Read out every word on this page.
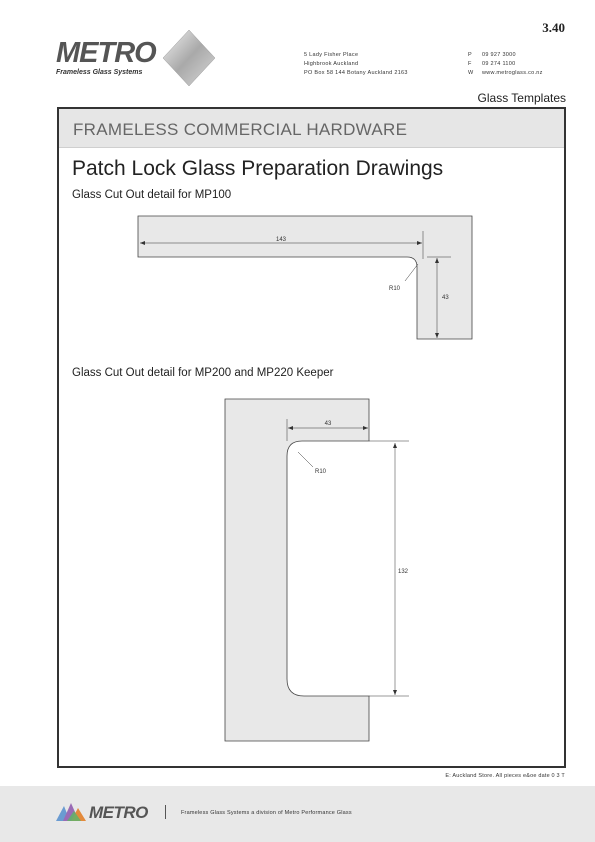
3.40
METRO
Frameless Glass Systems
5 Lady Fisher Place
Highbrook Auckland
PO Box 58 144 Botany Auckland 2163
P 09 927 3000
F 09 274 1100
W www.metroglass.co.nz
Glass Templates
FRAMELESS COMMERCIAL HARDWARE
Patch Lock Glass Preparation Drawings
Glass Cut Out detail for MP100
Glass Cut Out detail for MP200 and MP220 Keeper
143
43
R10
43
132
R10
E: Auckland Store. All pieces e&oe date 0 3 T
METRO	Frameless Glass Systems a division of Metro Performance Glass
